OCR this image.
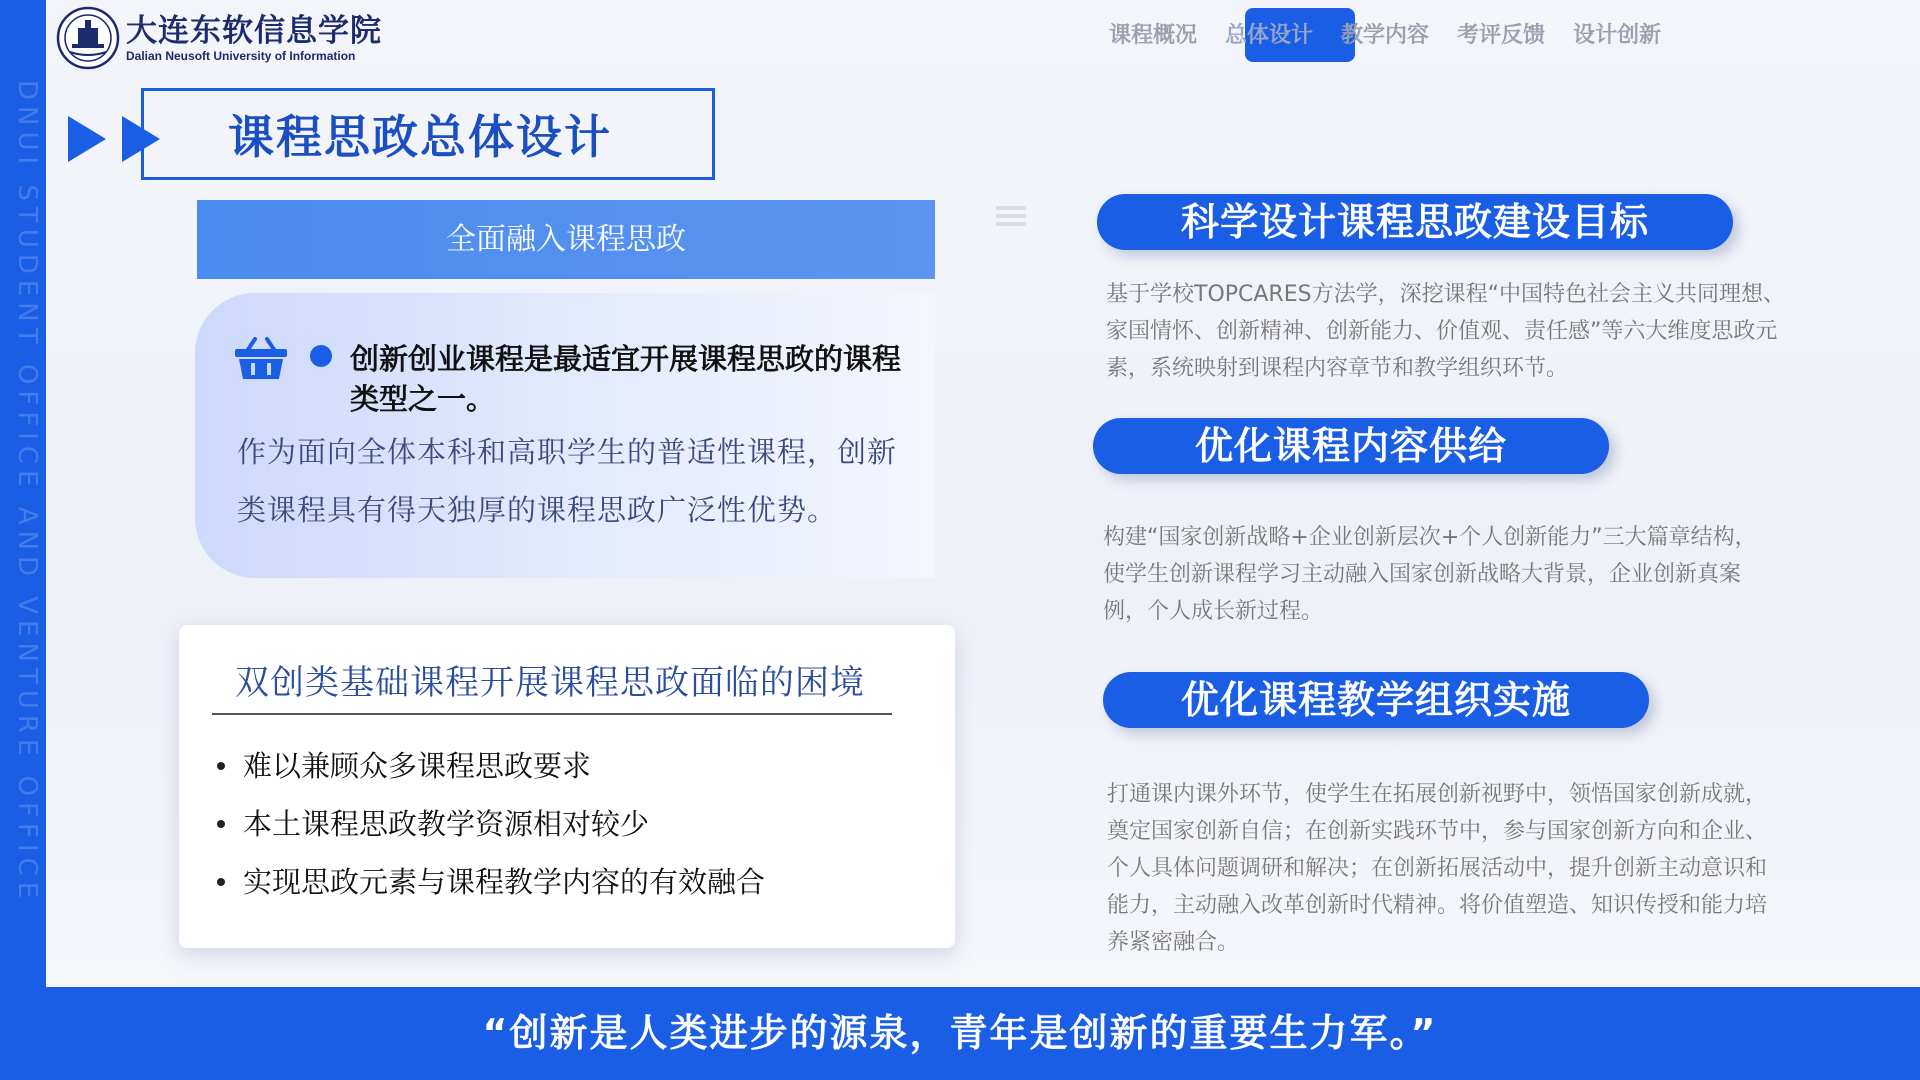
DNUI STUDENT OFFICE AND VENTURE OFFICE
大连东软信息学院
Dalian Neusoft University of Information
课程概况	总体设计	教学内容	考评反馈	设计创新
课程思政总体设计
全面融入课程思政
创新创业课程是最适宜开展课程思政的课程类型之一。
作为面向全体本科和高职学生的普适性课程，创新类课程具有得天独厚的课程思政广泛性优势。
双创类基础课程开展课程思政面临的困境
难以兼顾众多课程思政要求
本土课程思政教学资源相对较少
实现思政元素与课程教学内容的有效融合
科学设计课程思政建设目标
基于学校TOPCARES方法学，深挖课程“中国特色社会主义共同理想、家国情怀、创新精神、创新能力、价值观、责任感”等六大维度思政元素，系统映射到课程内容章节和教学组织环节。
优化课程内容供给
构建“国家创新战略+企业创新层次+个人创新能力”三大篇章结构，使学生创新课程学习主动融入国家创新战略大背景，企业创新真案例，个人成长新过程。
优化课程教学组织实施
打通课内课外环节，使学生在拓展创新视野中，领悟国家创新成就，奠定国家创新自信；在创新实践环节中，参与国家创新方向和企业、个人具体问题调研和解决；在创新拓展活动中，提升创新主动意识和能力，主动融入改革创新时代精神。将价值塑造、知识传授和能力培养紧密融合。
“创新是人类进步的源泉，青年是创新的重要生力军。”
